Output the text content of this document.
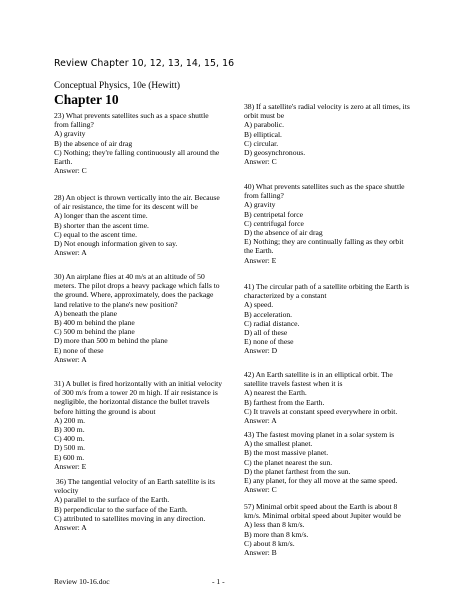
Review Chapter 10, 12, 13, 14, 15, 16
Conceptual Physics, 10e (Hewitt)
Chapter 10
23) What prevents satellites such as a space shuttle
from falling?
A) gravity
B) the absence of air drag
C) Nothing; they're falling continuously all around the
Earth.
Answer: C
28) An object is thrown vertically into the air. Because
of air resistance, the time for its descent will be
A) longer than the ascent time.
B) shorter than the ascent time.
C) equal to the ascent time.
D) Not enough information given to say.
Answer: A
30) An airplane flies at 40 m/s at an altitude of 50
meters. The pilot drops a heavy package which falls to
the ground. Where, approximately, does the package
land relative to the plane's new position?
A) beneath the plane
B) 400 m behind the plane
C) 500 m behind the plane
D) more than 500 m behind the plane
E) none of these
Answer: A
31) A bullet is fired horizontally with an initial velocity
of 300 m/s from a tower 20 m high. If air resistance is
negligible, the horizontal distance the bullet travels
before hitting the ground is about
A) 200 m.
B) 300 m.
C) 400 m.
D) 500 m.
E) 600 m.
Answer: E
36) The tangential velocity of an Earth satellite is its
velocity
A) parallel to the surface of the Earth.
B) perpendicular to the surface of the Earth.
C) attributed to satellites moving in any direction.
Answer: A
38) If a satellite's radial velocity is zero at all times, its
orbit must be
A) parabolic.
B) elliptical.
C) circular.
D) geosynchronous.
Answer: C
40) What prevents satellites such as the space shuttle
from falling?
A) gravity
B) centripetal force
C) centrifugal force
D) the absence of air drag
E) Nothing; they are continually falling as they orbit
the Earth.
Answer: E
41) The circular path of a satellite orbiting the Earth is
characterized by a constant
A) speed.
B) acceleration.
C) radial distance.
D) all of these
E) none of these
Answer: D
42) An Earth satellite is in an elliptical orbit. The
satellite travels fastest when it is
A) nearest the Earth.
B) farthest from the Earth.
C) It travels at constant speed everywhere in orbit.
Answer: A
43) The fastest moving planet in a solar system is
A) the smallest planet.
B) the most massive planet.
C) the planet nearest the sun.
D) the planet farthest from the sun.
E) any planet, for they all move at the same speed.
Answer: C
57) Minimal orbit speed about the Earth is about 8
km/s. Minimal orbital speed about Jupiter would be
A) less than 8 km/s.
B) more than 8 km/s.
C) about 8 km/s.
Answer: B
Review 10-16.doc	- 1 -
